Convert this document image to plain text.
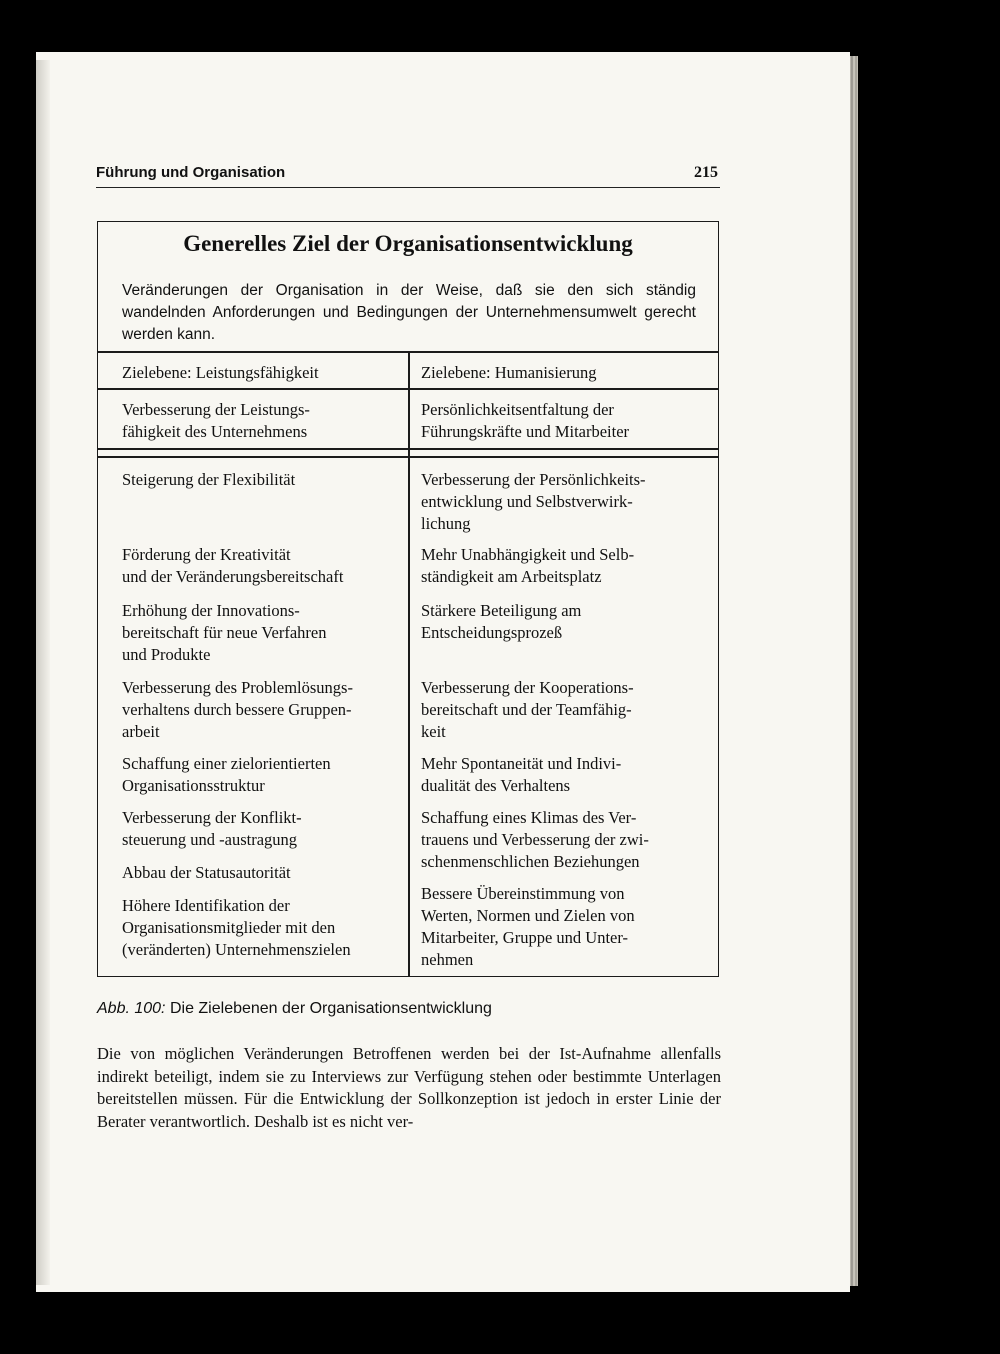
Führung und Organisation	215
Generelles Ziel der Organisationsentwicklung
Veränderungen der Organisation in der Weise, daß sie den sich ständig wandelnden Anforderungen und Bedingungen der Unternehmensumwelt gerecht werden kann.
Zielebene: Leistungsfähigkeit
Verbesserung der Leistungs-
fähigkeit des Unternehmens
Steigerung der Flexibilität
Förderung der Kreativität
und der Veränderungsbereitschaft
Erhöhung der Innovations-
bereitschaft für neue Verfahren
und Produkte
Verbesserung des Problemlösungs-
verhaltens durch bessere Gruppen-
arbeit
Schaffung einer zielorientierten
Organisationsstruktur
Verbesserung der Konflikt-
steuerung und -austragung
Abbau der Statusautorität
Höhere Identifikation der
Organisationsmitglieder mit den
(veränderten) Unternehmenszielen
Zielebene: Humanisierung
Persönlichkeitsentfaltung der
Führungskräfte und Mitarbeiter
Verbesserung der Persönlichkeits-
entwicklung und Selbstverwirk-
lichung
Mehr Unabhängigkeit und Selb-
ständigkeit am Arbeitsplatz
Stärkere Beteiligung am
Entscheidungsprozeß
Verbesserung der Kooperations-
bereitschaft und der Teamfähig-
keit
Mehr Spontaneität und Indivi-
dualität des Verhaltens
Schaffung eines Klimas des Ver-
trauens und Verbesserung der zwi-
schenmenschlichen Beziehungen
Bessere Übereinstimmung von
Werten, Normen und Zielen von
Mitarbeiter, Gruppe und Unter-
nehmen
Abb. 100: Die Zielebenen der Organisationsentwicklung

Die von möglichen Veränderungen Betroffenen werden bei der Ist-Aufnahme allenfalls indirekt beteiligt, indem sie zu Interviews zur Verfügung stehen oder bestimmte Unterlagen bereitstellen müssen. Für die Entwicklung der Sollkonzeption ist jedoch in erster Linie der Berater verantwortlich. Deshalb ist es nicht ver-
